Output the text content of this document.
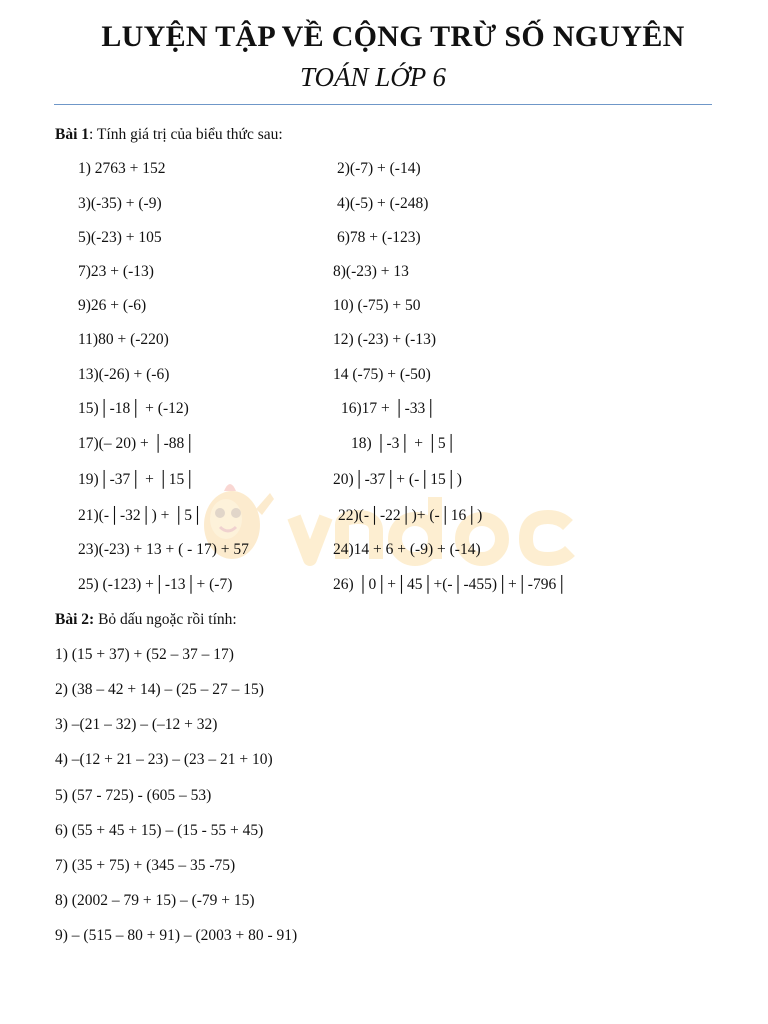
LUYỆN TẬP VỀ CỘNG TRỪ SỐ NGUYÊN
TOÁN LỚP 6
Bài 1: Tính giá trị của biểu thức sau:
1) 2763 + 152
3)(-35) + (-9)
5)(-23) + 105
7)23 + (-13)
9)26 + (-6)
11)80 + (-220)
13)(-26) + (-6)
15)│-18│ + (-12)
17)(– 20) + │-88│
19)│-37│ + │15│
21)(-│-32│) + │5│
23)(-23) + 13 + ( - 17) + 57
25) (-123) +│-13│+ (-7)
2)(-7) + (-14)
4)(-5) + (-248)
6)78 + (-123)
8)(-23) + 13
10) (-75) + 50
12) (-23) + (-13)
14 (-75) + (-50)
16)17 + │-33│
18) │-3│ + │5│
20)│-37│+ (-│15│)
22)(-│-22│)+ (-│16│)
24)14 + 6 + (-9) + (-14)
26) │0│+│45│+(-│-455)│+│-796│
Bài 2: Bỏ dấu ngoặc rồi tính:
1) (15 + 37) + (52 – 37 – 17)
2) (38 – 42 + 14) – (25 – 27 – 15)
3) –(21 – 32) – (–12 + 32)
4) –(12 + 21 – 23) – (23 – 21 + 10)
5) (57 - 725) - (605 – 53)
6) (55 + 45 + 15) – (15 - 55 + 45)
7) (35 + 75) + (345 – 35 -75)
8) (2002 – 79 + 15) – (-79 + 15)
9) – (515 – 80 + 91) – (2003 + 80 - 91)
